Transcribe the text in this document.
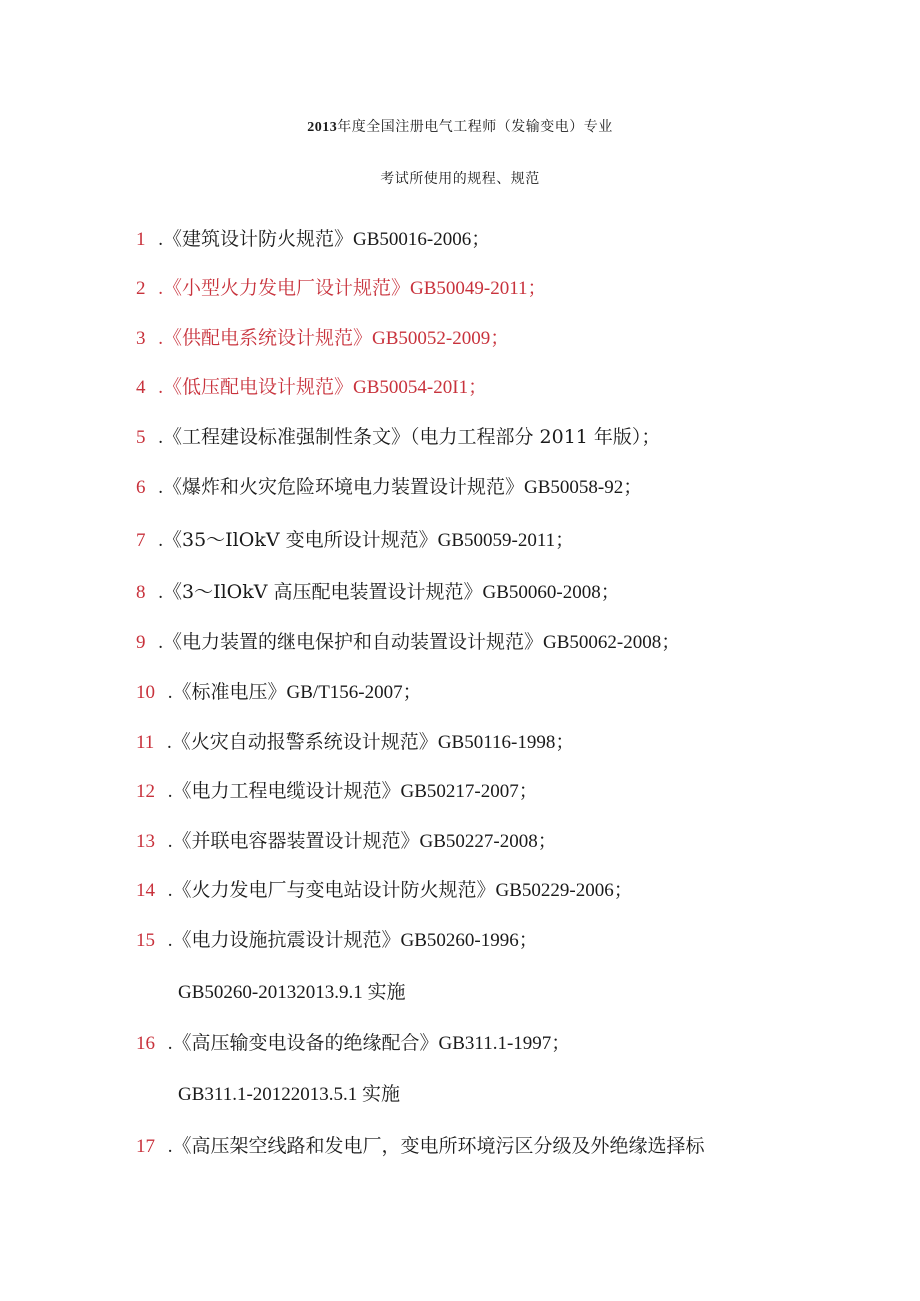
2013年度全国注册电气工程师（发输变电）专业
考试所使用的规程、规范
1 .《建筑设计防火规范》GB50016-2006；
2 .《小型火力发电厂设计规范》GB50049-2011；
3 .《供配电系统设计规范》GB50052-2009；
4 .《低压配电设计规范》GB50054-20I1；
5 .《工程建设标准强制性条文》（电力工程部分 2011 年版）；
6 .《爆炸和火灾危险环境电力装置设计规范》GB50058-92；
7 .《35～IlOkV 变电所设计规范》GB50059-2011；
8 .《3～IlOkV 高压配电装置设计规范》GB50060-2008；
9 .《电力装置的继电保护和自动装置设计规范》GB50062-2008；
10 .《标准电压》GB/T156-2007；
11 .《火灾自动报警系统设计规范》GB50116-1998；
12 .《电力工程电缆设计规范》GB50217-2007；
13 .《并联电容器装置设计规范》GB50227-2008；
14 .《火力发电厂与变电站设计防火规范》GB50229-2006；
15 .《电力设施抗震设计规范》GB50260-1996；
GB50260-20132013.9.1 实施
16 .《高压输变电设备的绝缘配合》GB311.1-1997；
GB311.1-20122013.5.1 实施
17 .《高压架空线路和发电厂，变电所环境污区分级及外绝缘选择标
